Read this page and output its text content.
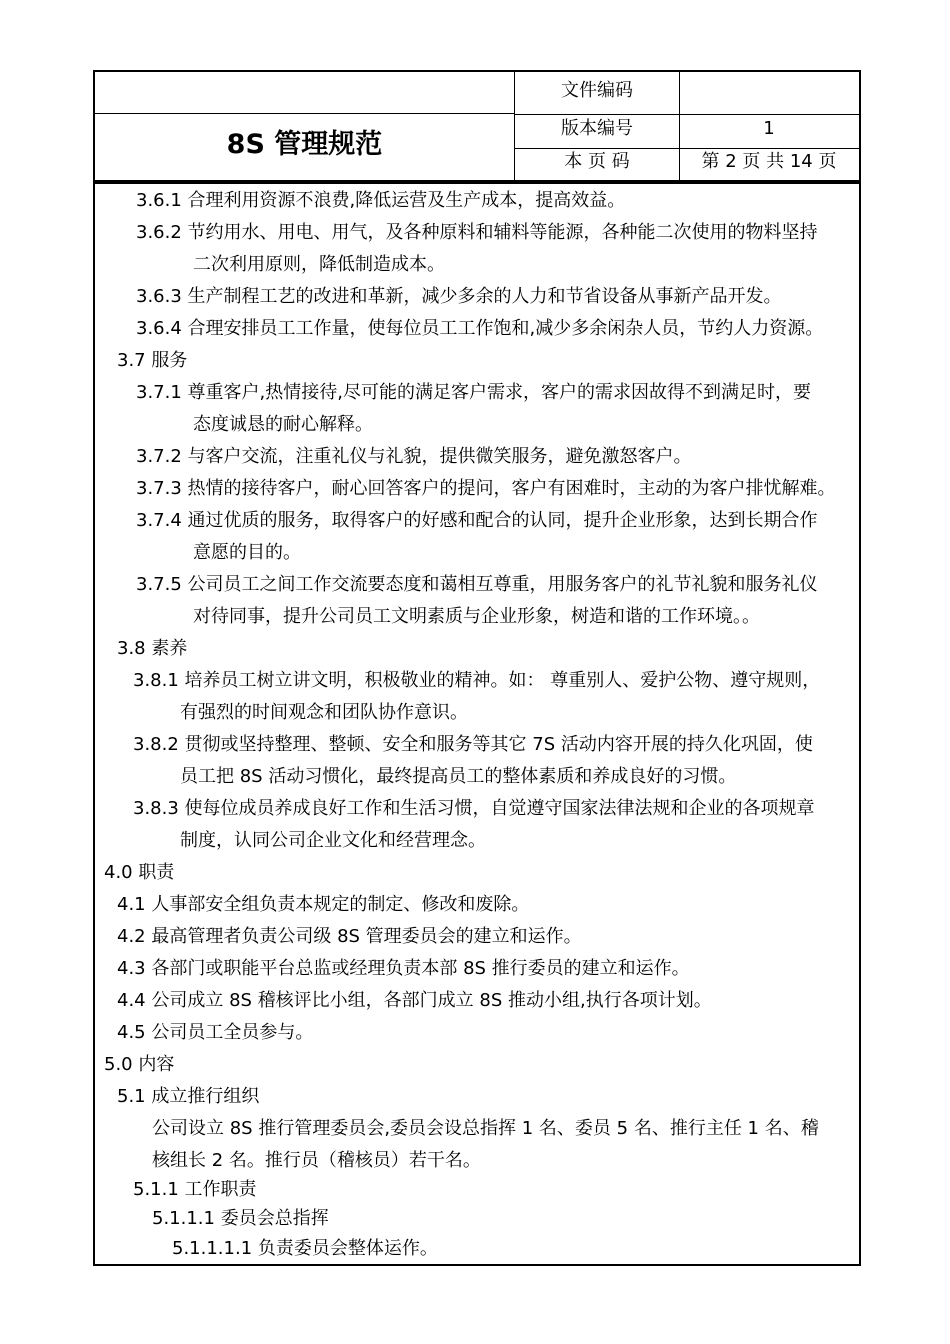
8S 管理规范
文件编码
版本编号	1
本 页 码	第 2 页 共 14 页
3.6.1 合理利用资源不浪费,降低运营及生产成本，提高效益。
3.6.2 节约用水、用电、用气，及各种原料和辅料等能源，各种能二次使用的物料坚持
二次利用原则，降低制造成本。
3.6.3 生产制程工艺的改进和革新，减少多余的人力和节省设备从事新产品开发。
3.6.4 合理安排员工工作量，使每位员工工作饱和,减少多余闲杂人员，节约人力资源。
3.7 服务
3.7.1 尊重客户,热情接待,尽可能的满足客户需求，客户的需求因故得不到满足时，要
态度诚恳的耐心解释。
3.7.2 与客户交流，注重礼仪与礼貌，提供微笑服务，避免激怒客户。
3.7.3 热情的接待客户，耐心回答客户的提问，客户有困难时，主动的为客户排忧解难。
3.7.4 通过优质的服务，取得客户的好感和配合的认同，提升企业形象，达到长期合作
意愿的目的。
3.7.5 公司员工之间工作交流要态度和蔼相互尊重，用服务客户的礼节礼貌和服务礼仪
对待同事，提升公司员工文明素质与企业形象，树造和谐的工作环境。。
3.8 素养
3.8.1 培养员工树立讲文明，积极敬业的精神。如： 尊重别人、爱护公物、遵守规则，
有强烈的时间观念和团队协作意识。
3.8.2 贯彻或坚持整理、整顿、安全和服务等其它 7S 活动内容开展的持久化巩固，使
员工把 8S 活动习惯化，最终提高员工的整体素质和养成良好的习惯。
3.8.3 使每位成员养成良好工作和生活习惯，自觉遵守国家法律法规和企业的各项规章
制度，认同公司企业文化和经营理念。
4.0 职责
4.1 人事部安全组负责本规定的制定、修改和废除。
4.2 最高管理者负责公司级 8S 管理委员会的建立和运作。
4.3 各部门或职能平台总监或经理负责本部 8S 推行委员的建立和运作。
4.4 公司成立 8S 稽核评比小组，各部门成立 8S 推动小组,执行各项计划。
4.5 公司员工全员参与。
5.0 内容
5.1 成立推行组织
公司设立 8S 推行管理委员会,委员会设总指挥 1 名、委员 5 名、推行主任 1 名、稽
核组长 2 名。推行员（稽核员）若干名。
5.1.1 工作职责
5.1.1.1 委员会总指挥
5.1.1.1.1 负责委员会整体运作。
